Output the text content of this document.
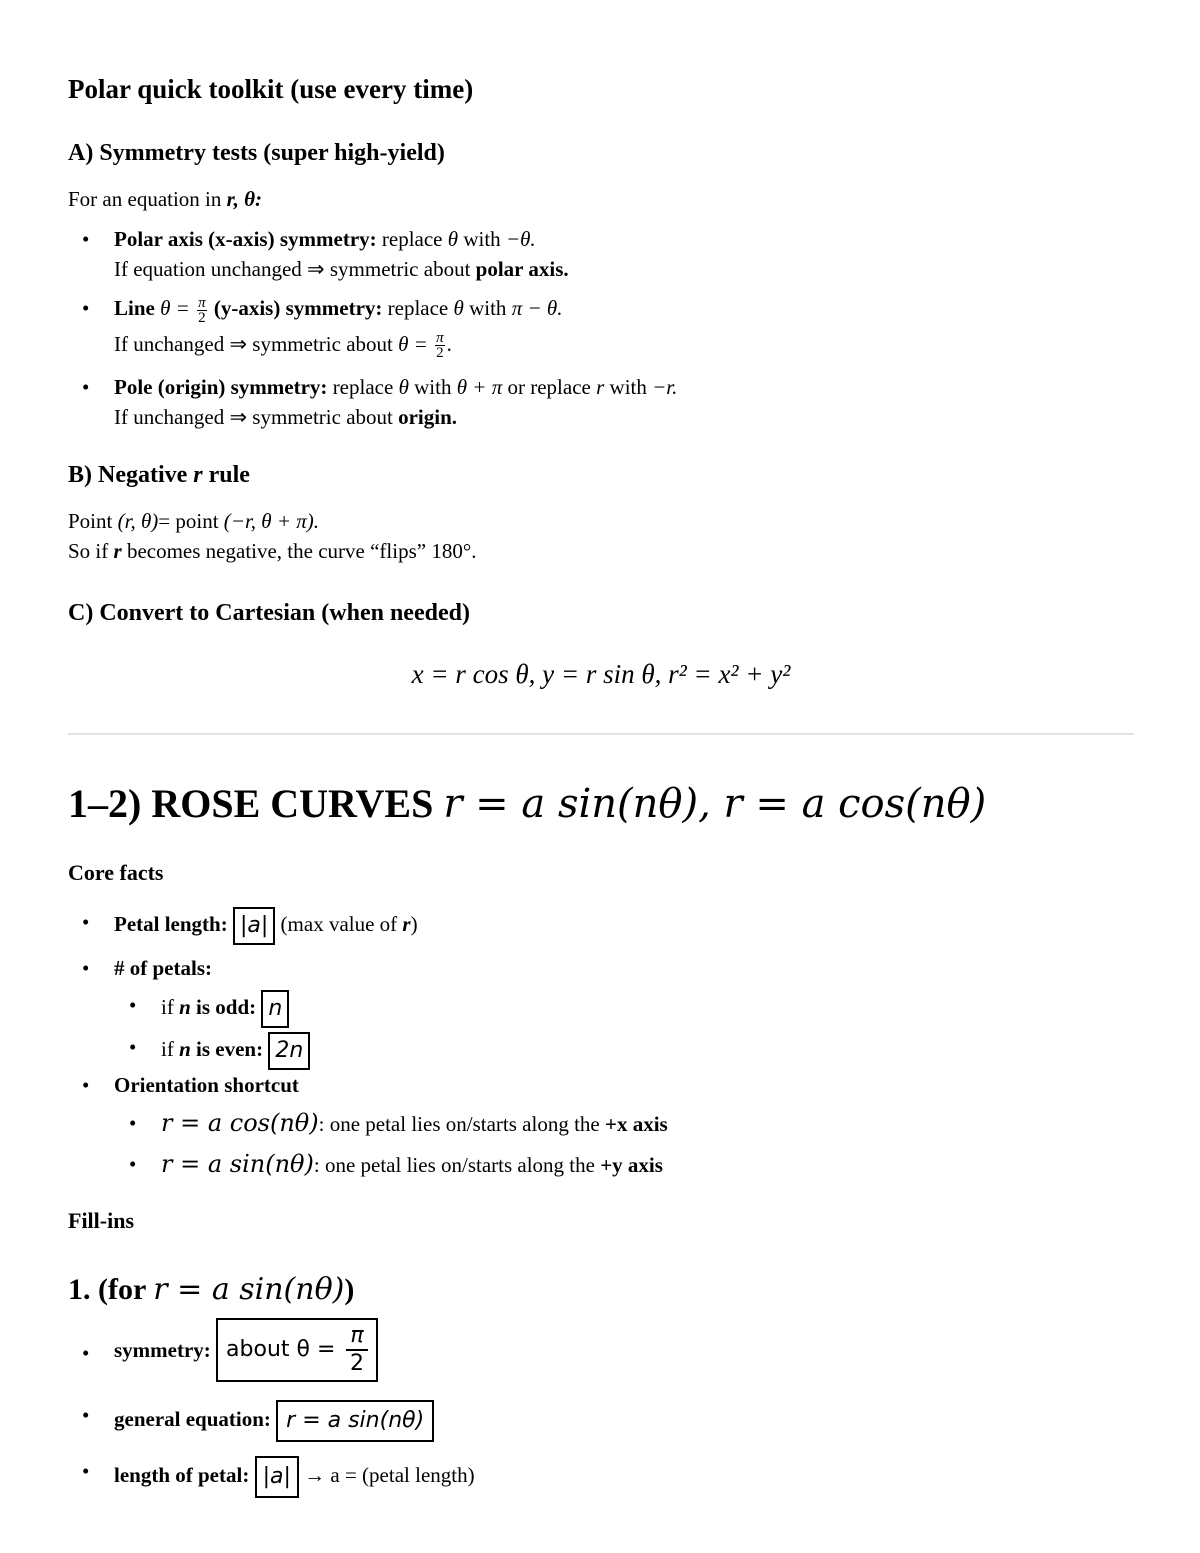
Polar quick toolkit (use every time)
A) Symmetry tests (super high-yield)
For an equation in r, θ:
• Polar axis (x-axis) symmetry: replace θ with −θ.
If equation unchanged ⇒ symmetric about polar axis.
• Line $\theta = \frac{\pi}{2}$ (y-axis) symmetry: replace θ with π − θ.
If unchanged ⇒ symmetric about $\theta = \frac{\pi}{2}$ .
• Pole (origin) symmetry: replace θ with θ + π or replace r with −r.
If unchanged ⇒ symmetric about origin.
B) Negative r rule
Point (r, θ)= point (−r, θ + π).
So if r becomes negative, the curve “flips” 180°.
C) Convert to Cartesian (when needed)
x = r cos θ, y = r sin θ, r² = x² + y²
1–2) ROSE CURVES r = a sin(nθ), r = a cos(nθ)
Core facts
• Petal length: |a| (max value of r)
• # of petals:
• if n is odd: n
• if n is even: 2n
• Orientation shortcut
• r = a cos(nθ): one petal lies on/starts along the +x axis
• r = a sin(nθ): one petal lies on/starts along the +y axis
Fill-ins
1. (for r = a sin(nθ))
• symmetry: about $\theta = \frac{\pi}{2}$
• general equation: r = a sin(nθ)
• length of petal: |a| → a = (petal length)
